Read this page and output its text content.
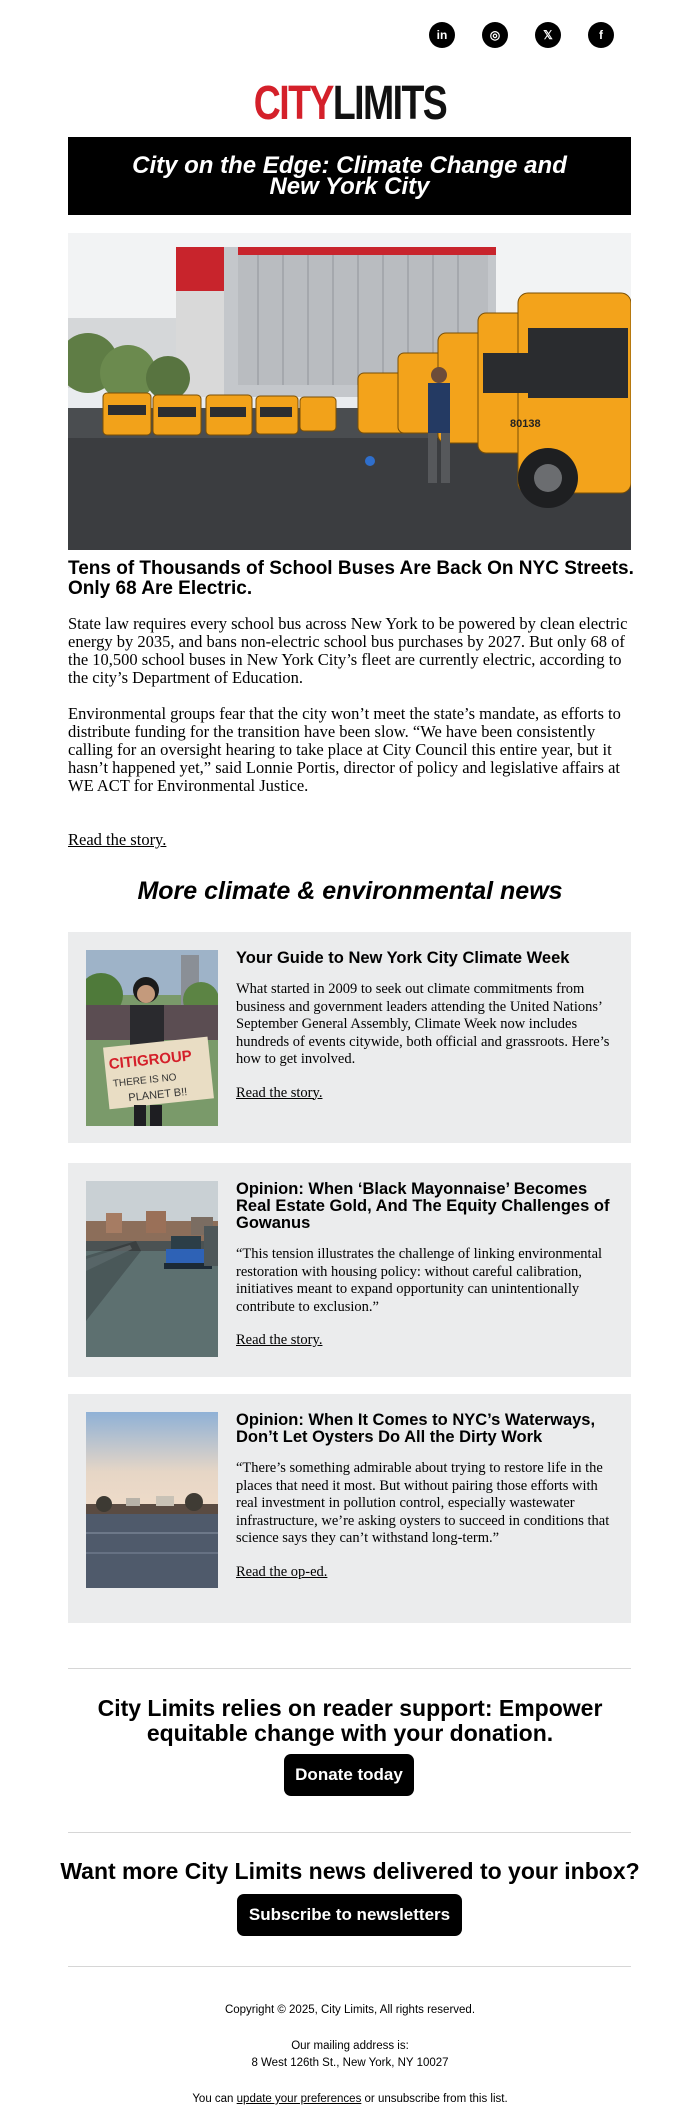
in	◎	𝕏	f
CITYLIMITS
City on the Edge: Climate Change and New York City
80138
Tens of Thousands of School Buses Are Back On NYC Streets. Only 68 Are Electric.

State law requires every school bus across New York to be powered by clean electric energy by 2035, and bans non-electric school bus purchases by 2027. But only 68 of the 10,500 school buses in New York City’s fleet are currently electric, according to the city’s Department of Education.

Environmental groups fear that the city won’t meet the state’s mandate, as efforts to distribute funding for the transition have been slow. “We have been consistently calling for an oversight hearing to take place at City Council this entire year, but it hasn’t happened yet,” said Lonnie Portis, director of policy and legislative affairs at WE ACT for Environmental Justice.

Read the story.
More climate & environmental news
CITIGROUP
THERE IS NO
PLANET B!!
Your Guide to New York City Climate Week
What started in 2009 to seek out climate commitments from business and government leaders attending the United Nations’ September General Assembly, Climate Week now includes hundreds of events citywide, both official and grassroots. Here’s how to get involved.
Read the story.
Opinion: When ‘Black Mayonnaise’ Becomes Real Estate Gold, And The Equity Challenges of Gowanus
“This tension illustrates the challenge of linking environmental restoration with housing policy: without careful calibration, initiatives meant to expand opportunity can unintentionally contribute to exclusion.”
Read the story.
Opinion: When It Comes to NYC’s Waterways, Don’t Let Oysters Do All the Dirty Work
“There’s something admirable about trying to restore life in the places that need it most. But without pairing those efforts with real investment in pollution control, especially wastewater infrastructure, we’re asking oysters to succeed in conditions that science says they can’t withstand long-term.”
Read the op-ed.
City Limits relies on reader support: Empower equitable change with your donation.
Donate today
Want more City Limits news delivered to your inbox?
Subscribe to newsletters
Copyright © 2025, City Limits, All rights reserved.
Our mailing address is:
8 West 126th St., New York, NY 10027
You can update your preferences or unsubscribe from this list.
